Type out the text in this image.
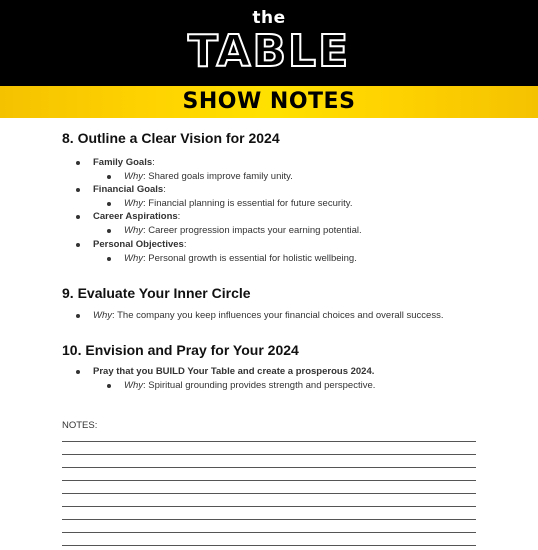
the
TABLE
SHOW NOTES
8. Outline a Clear Vision for 2024
Family Goals:
Why: Shared goals improve family unity.
Financial Goals:
Why: Financial planning is essential for future security.
Career Aspirations:
Why: Career progression impacts your earning potential.
Personal Objectives:
Why: Personal growth is essential for holistic wellbeing.
9. Evaluate Your Inner Circle
Why: The company you keep influences your financial choices and overall success.
10. Envision and Pray for Your 2024
Pray that you BUILD Your Table and create a prosperous 2024.
Why: Spiritual grounding provides strength and perspective.
NOTES:
